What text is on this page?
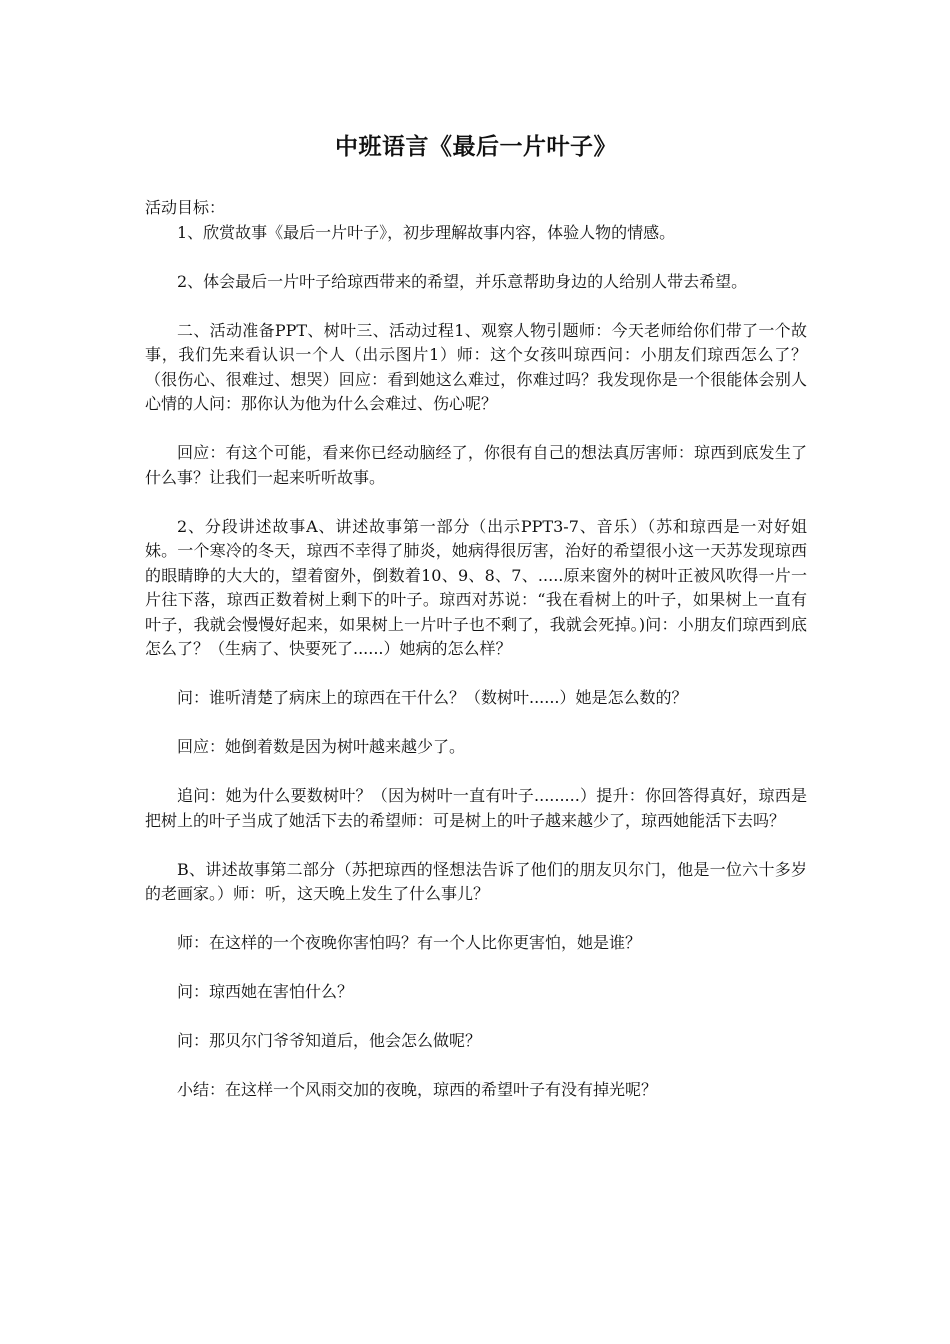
中班语言《最后一片叶子》

活动目标：

1、欣赏故事《最后一片叶子》，初步理解故事内容，体验人物的情感。

2、体会最后一片叶子给琼西带来的希望，并乐意帮助身边的人给别人带去希望。

二、活动准备PPT、树叶三、活动过程1、观察人物引题师：今天老师给你们带了一个故事，我们先来看认识一个人（出示图片1）师：这个女孩叫琼西问：小朋友们琼西怎么了？（很伤心、很难过、想哭）回应：看到她这么难过，你难过吗？我发现你是一个很能体会别人心情的人问：那你认为他为什么会难过、伤心呢？

回应：有这个可能，看来你已经动脑经了，你很有自己的想法真厉害师：琼西到底发生了什么事？让我们一起来听听故事。

2、分段讲述故事A、讲述故事第一部分（出示PPT3-7、音乐）（苏和琼西是一对好姐妹。一个寒冷的冬天，琼西不幸得了肺炎，她病得很厉害，治好的希望很小这一天苏发现琼西的眼睛睁的大大的，望着窗外，倒数着10、9、8、7、.....原来窗外的树叶正被风吹得一片一片往下落，琼西正数着树上剩下的叶子。琼西对苏说：“我在看树上的叶子，如果树上一直有叶子，我就会慢慢好起来，如果树上一片叶子也不剩了，我就会死掉。)问：小朋友们琼西到底怎么了？（生病了、快要死了......）她病的怎么样？

问：谁听清楚了病床上的琼西在干什么？（数树叶......）她是怎么数的？

回应：她倒着数是因为树叶越来越少了。

追问：她为什么要数树叶？（因为树叶一直有叶子.........）提升：你回答得真好，琼西是把树上的叶子当成了她活下去的希望师：可是树上的叶子越来越少了，琼西她能活下去吗？

B、讲述故事第二部分（苏把琼西的怪想法告诉了他们的朋友贝尔门，他是一位六十多岁的老画家。）师：听，这天晚上发生了什么事儿？

师：在这样的一个夜晚你害怕吗？有一个人比你更害怕，她是谁？

问：琼西她在害怕什么？

问：那贝尔门爷爷知道后，他会怎么做呢？

小结：在这样一个风雨交加的夜晚，琼西的希望叶子有没有掉光呢？
